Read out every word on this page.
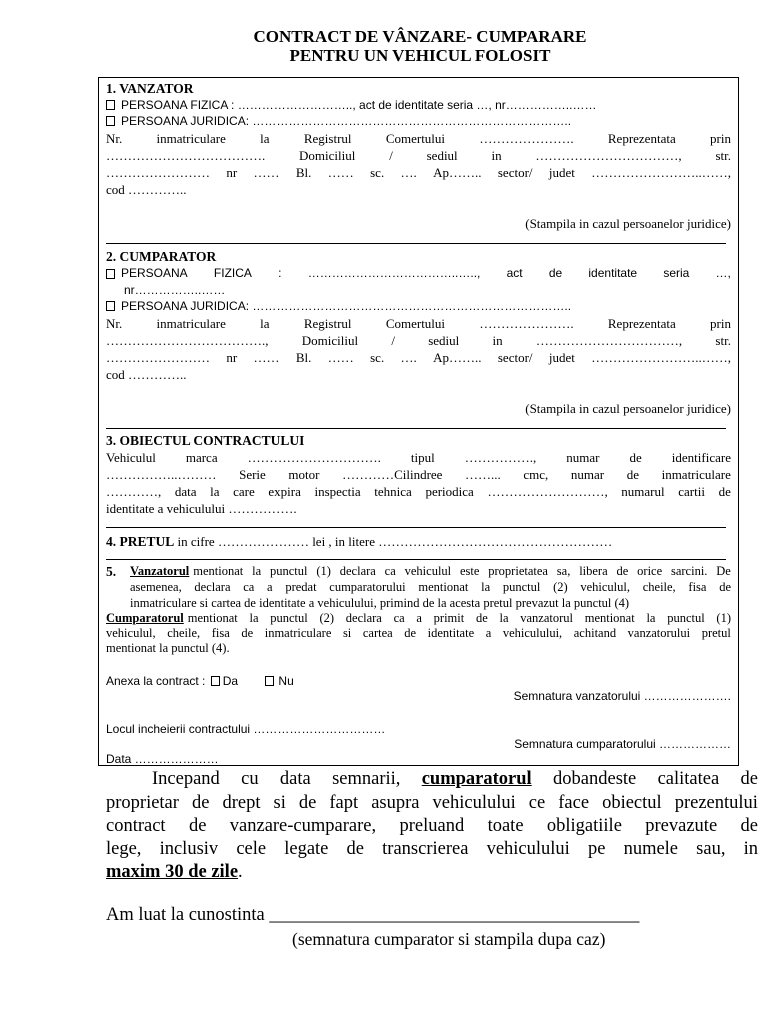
CONTRACT DE VÂNZARE- CUMPARARE
PENTRU UN VEHICUL FOLOSIT
1. VANZATOR
PERSOANA FIZICA : ……………………….., act de identitate seria …, nr……………..……
PERSOANA JURIDICA: ……………………………………………………………………..
Nr.	inmatriculare	la	Registrul	Comertului	………………….	Reprezentata	prin
……………………………….	Domiciliul	/	sediul	in	……………………………,	str.
…………………… nr …… Bl. …… sc. …. Ap…….. sector/ judet ……………………..……,
cod …………..
(Stampila in cazul persoanelor juridice)
2. CUMPARATOR
PERSOANA FIZICA : ………………………………..….., act de identitate seria …,
nr……………..……
PERSOANA JURIDICA: ……………………………………………………………………..
Nr.	inmatriculare	la	Registrul	Comertului	………………….	Reprezentata	prin
……………………………….,	Domiciliul	/	sediul	in	……………………………,	str.
…………………… nr …… Bl. …… sc. …. Ap…….. sector/ judet ……………………..……,
cod …………..
(Stampila in cazul persoanelor juridice)
3. OBIECTUL CONTRACTULUI
Vehiculul marca …………………………. tipul ……………., numar de identificare
……………..……… Serie motor …………Cilindree ……... cmc, numar de inmatriculare
…………, data la care expira inspectia tehnica periodica ………………………, numarul cartii de
identitate a vehiculului …………….
4. PRETUL in cifre ………………… lei , in litere ………………………………………………
5.	Vanzatorul mentionat la punctul (1) declara ca vehiculul este proprietatea sa, libera de orice sarcini. De
asemenea, declara ca a predat cumparatorului mentionat la punctul (2) vehiculul, cheile, fisa de
inmatriculare si cartea de identitate a vehiculului, primind de la acesta pretul prevazut la punctul (4)
Cumparatorul mentionat la punctul (2) declara ca a primit de la vanzatorul mentionat la punctul (1)
vehiculul, cheile, fisa de inmatriculare si cartea de identitate a vehiculului, achitand vanzatorului pretul
mentionat la punctul (4).
Anexa la contract : Da	Nu
Semnatura vanzatorului ………………….
Locul incheierii contractului ……………………………
Semnatura cumparatorului ………………
Data …………………
Incepand cu data semnarii, cumparatorul dobandeste calitatea de
proprietar de drept si de fapt asupra vehiculului ce face obiectul prezentului
contract de vanzare-cumparare, preluand toate obligatiile prevazute de
lege, inclusiv cele legate de transcrierea vehiculului pe numele sau, in
maxim 30 de zile.
Am luat la cunostinta ________________________________________
(semnatura cumparator si stampila dupa caz)
